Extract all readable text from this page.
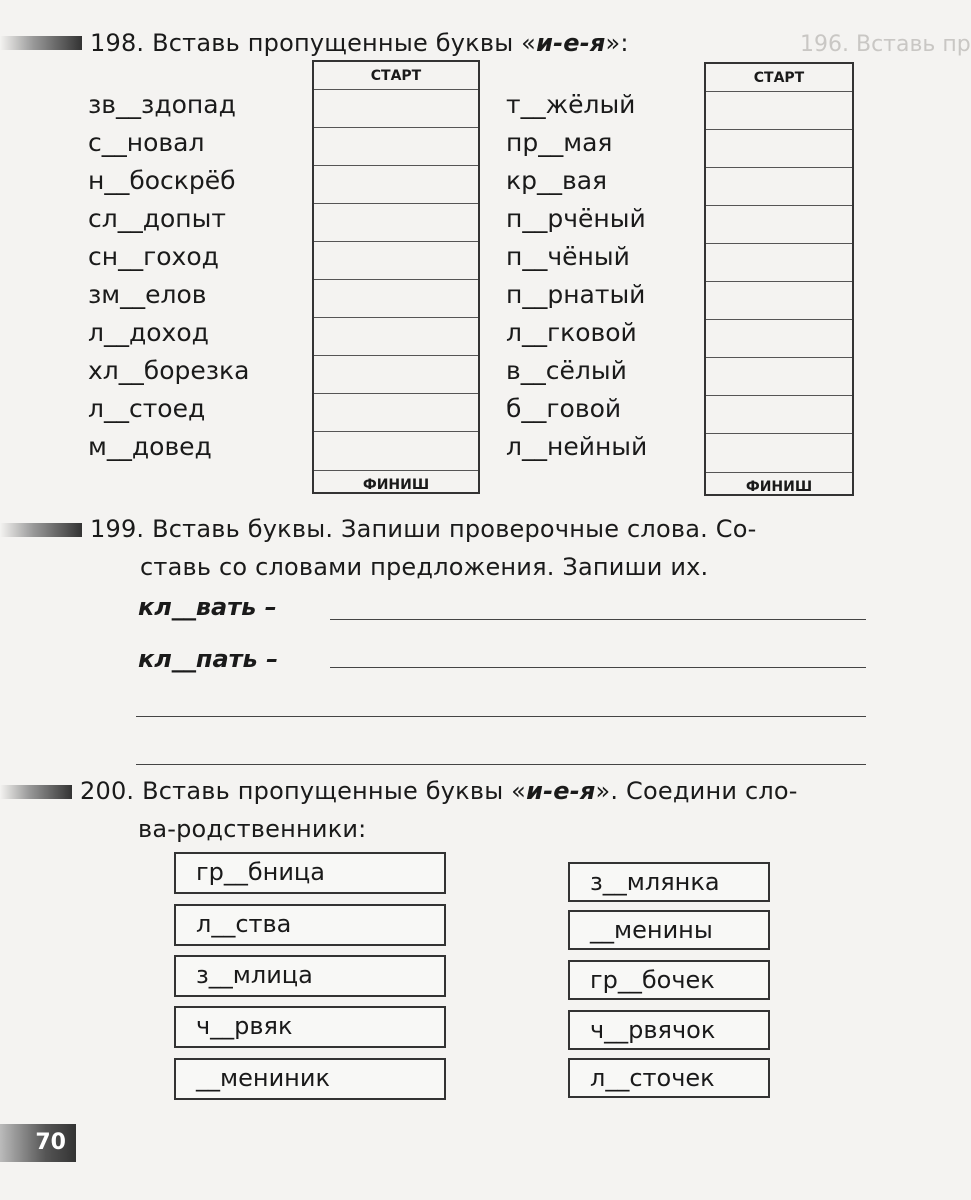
196. Вставь пр
198. Вставь пропущенные буквы «и-е-я»:
зв__здопад
с__новал
н__боскрёб
сл__допыт
сн__гоход
зм__елов
л__доход
хл__борезка
л__стоед
м__довед
СТАРТ
ФИНИШ
т__жёлый
пр__мая
кр__вая
п__рчёный
п__чёный
п__рнатый
л__гковой
в__сёлый
б__говой
л__нейный
СТАРТ
ФИНИШ
199. Вставь буквы. Запиши проверочные слова. Со-
ставь со словами предложения. Запиши их.
кл__вать –
кл__пать –
200. Вставь пропущенные буквы «и-е-я». Соедини сло-
ва-родственники:
гр__бница
л__ства
з__млица
ч__рвяк
__мениник
з__млянка
__менины
гр__бочек
ч__рвячок
л__сточек
70
